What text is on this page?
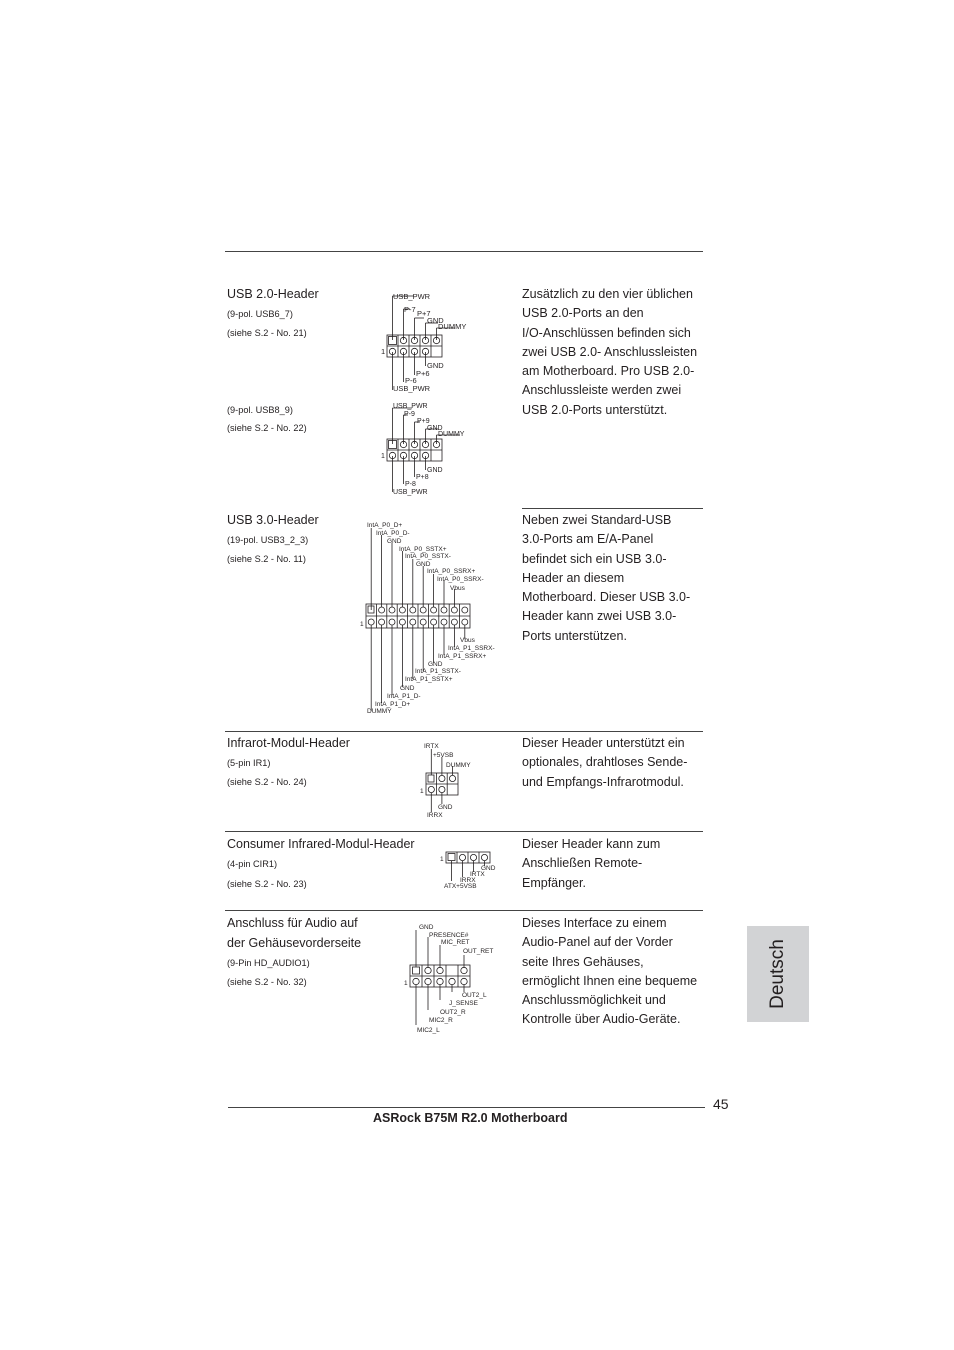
USB 2.0-Header
(9-pol. USB6_7)
(siehe S.2 - No. 21)
(9-pol. USB8_9)
(siehe S.2 - No. 22)

Zusätzlich zu den vier üblichen

USB 2.0-Ports an den

I/O-Anschlüssen befinden sich

zwei USB 2.0- Anschlussleisten

am Motherboard. Pro USB 2.0-

Anschlussleiste werden zwei

USB 2.0-Ports unterstützt.

USB_PWR
P-7 P+7
GND
DUMMY
GND
P+6
P-6
USB_PWR
1
USB_PWR
P-9
P+9
GND
DUMMY
GND
P+8
P-8
USB_PWR
1
USB 3.0-Header
(19-pol. USB3_2_3)
(siehe S.2 - No. 11)

Neben zwei Standard-USB

3.0-Ports am E/A-Panel

befindet sich ein USB 3.0-

Header an diesem

Motherboard. Dieser USB 3.0-

Header kann zwei USB 3.0-

Ports unterstützen.

IntA_P0_D+
IntA_P0_D-
GND
IntA_P0_SSTX+
IntA_P0_SSTX-
GND
IntA_P0_SSRX+
IntA_P0_SSRX-
Vbus
Vbus
IntA_P1_SSRX-
IntA_P1_SSRX+
GND
IntA_P1_SSTX-
IntA_P1_SSTX+
GND
IntA_P1_D-
IntA_P1_D+
DUMMY
1
Infrarot-Modul-Header
(5-pin IR1)
(siehe S.2 - No. 24)

Dieser Header unterstützt ein

optionales, drahtloses Sende-

und Empfangs-Infrarotmodul.

IRTX
+5VSB
DUMMY
GND
IRRX
1
Consumer Infrared-Modul-Header
(4-pin CIR1)
(siehe S.2 - No. 23)

Dieser Header kann zum

Anschließen Remote-

Empfänger.

GND
IRTX
IRRX
ATX+5VSB
1
Anschluss für Audio auf
der Gehäusevorderseite
(9-Pin HD_AUDIO1)
(siehe S.2 - No. 32)

Dieses Interface zu einem

Audio-Panel auf der Vorder

seite Ihres Gehäuses,

ermöglicht Ihnen eine bequeme

Anschlussmöglichkeit und

Kontrolle über Audio-Geräte.

GND
PRESENCE#
MIC_RET
OUT_RET
OUT2_L
J_SENSE
OUT2_R
MIC2_R
MIC2_L
1	Deutsch
45
ASRock B75M R2.0 Motherboard
